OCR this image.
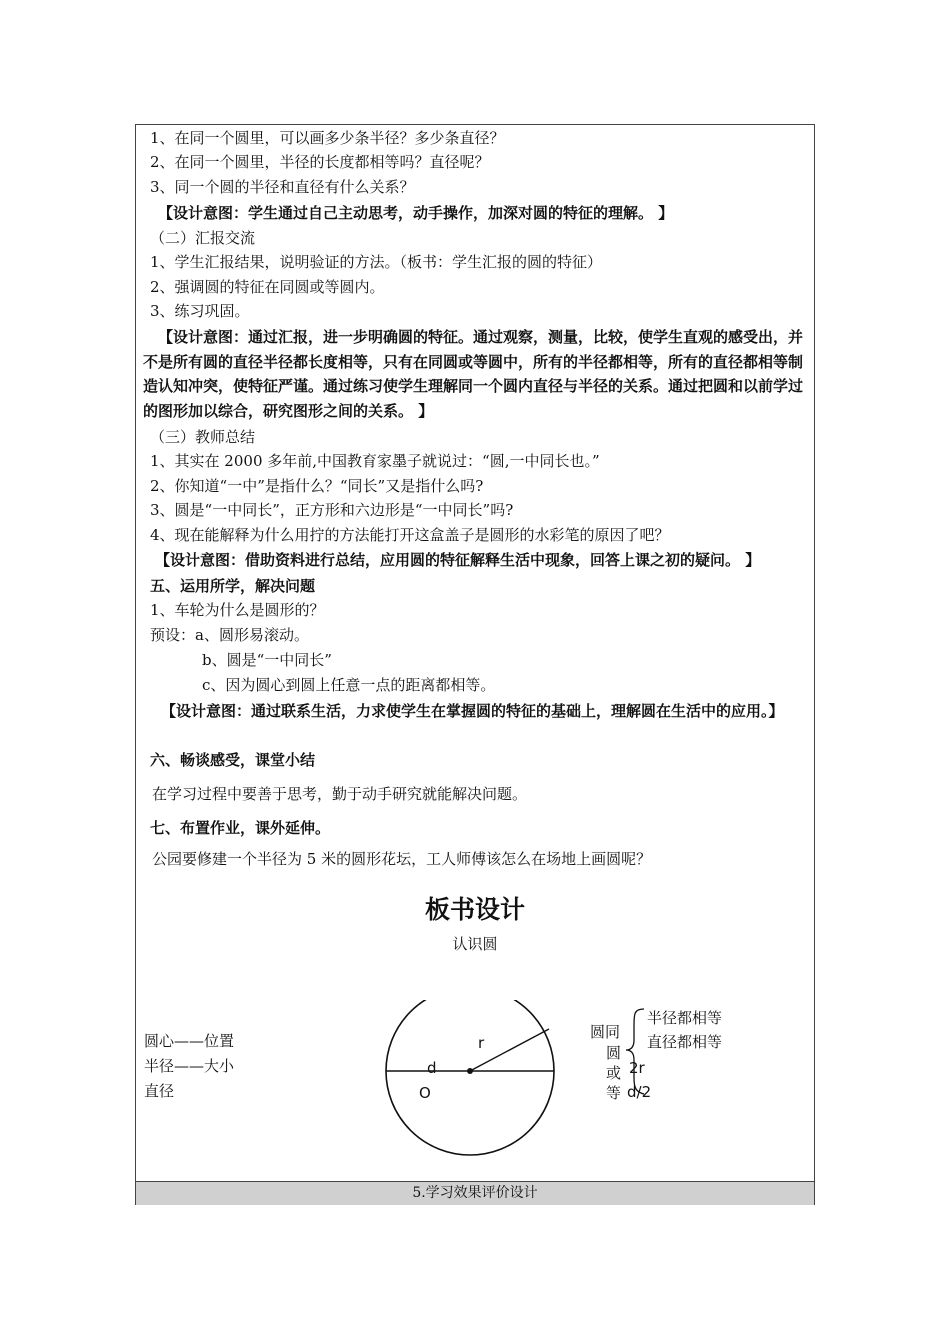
1、在同一个圆里，可以画多少条半径？多少条直径？
2、在同一个圆里，半径的长度都相等吗？直径呢？
3、同一个圆的半径和直径有什么关系？
【设计意图：学生通过自己主动思考，动手操作，加深对圆的特征的理解。 】
（二）汇报交流
1、学生汇报结果，说明验证的方法。（板书：学生汇报的圆的特征）
2、强调圆的特征在同圆或等圆内。
3、练习巩固。
【设计意图：通过汇报，进一步明确圆的特征。通过观察，测量，比较，使学生直观的感受出，并不是所有圆的直径半径都长度相等，只有在同圆或等圆中，所有的半径都相等，所有的直径都相等制造认知冲突，使特征严谨。通过练习使学生理解同一个圆内直径与半径的关系。通过把圆和以前学过的图形加以综合，研究图形之间的关系。 】
（三）教师总结
1、其实在 2000 多年前,中国教育家墨子就说过：“圆,一中同长也。”
2、你知道“一中”是指什么？“同长”又是指什么吗?
3、圆是“一中同长”，正方形和六边形是“一中同长”吗?
4、现在能解释为什么用拧的方法能打开这盒盖子是圆形的水彩笔的原因了吧？
【设计意图：借助资料进行总结，应用圆的特征解释生活中现象，回答上课之初的疑问。 】
五、运用所学，解决问题
1、车轮为什么是圆形的？
预设：a、圆形易滚动。
b、圆是“一中同长”
c、因为圆心到圆上任意一点的距离都相等。
【设计意图：通过联系生活，力求使学生在掌握圆的特征的基础上，理解圆在生活中的应用。】
六、畅谈感受，课堂小结
在学习过程中要善于思考，勤于动手研究就能解决问题。
七、布置作业，课外延伸。
公园要修建一个半径为 5 米的圆形花坛，工人师傅该怎么在场地上画圆呢？
板书设计
认识圆
圆心——位置
半径——大小
直径
r
d
O
圆同
圆
或
等
半径都相等
直径都相等
2r
d/2
5.学习效果评价设计
